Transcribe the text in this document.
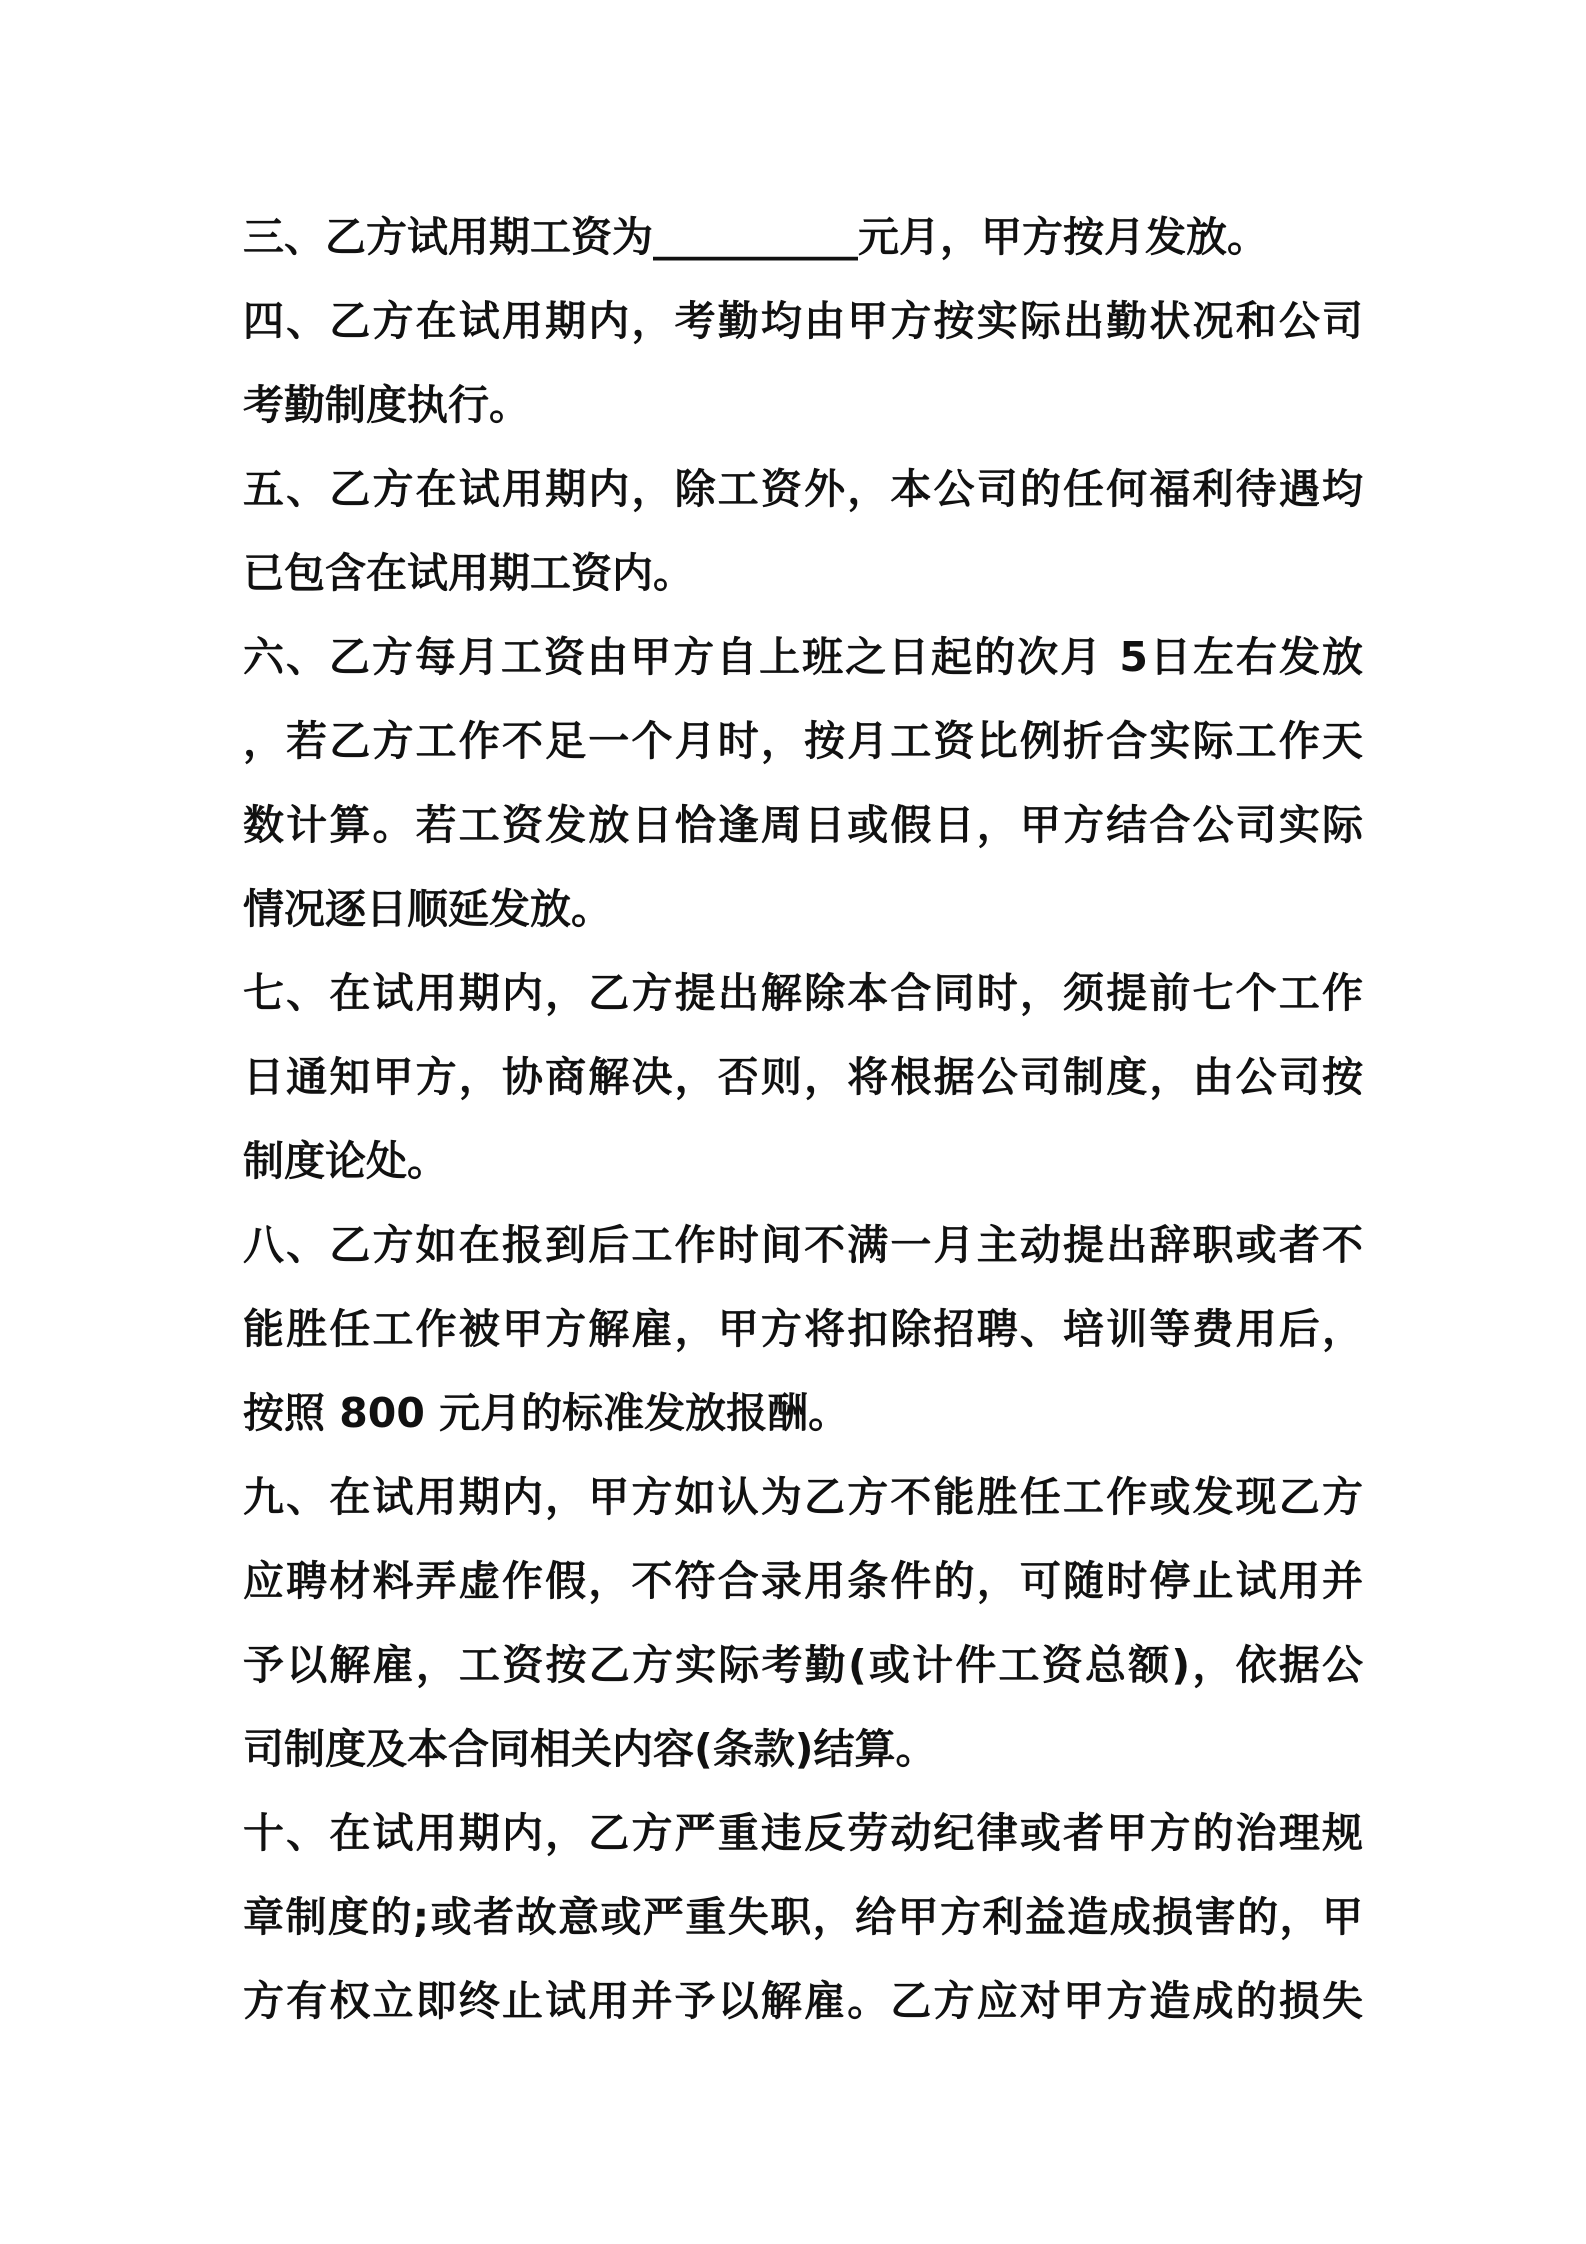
三、乙方试用期工资为__________元月，甲方按月发放。
四、乙方在试用期内，考勤均由甲方按实际出勤状况和公司
考勤制度执行。
五、乙方在试用期内，除工资外，本公司的任何福利待遇均
已包含在试用期工资内。
六、乙方每月工资由甲方自上班之日起的次月 5日左右发放
，若乙方工作不足一个月时，按月工资比例折合实际工作天
数计算。若工资发放日恰逢周日或假日，甲方结合公司实际
情况逐日顺延发放。
七、在试用期内，乙方提出解除本合同时，须提前七个工作
日通知甲方，协商解决，否则，将根据公司制度，由公司按
制度论处。
八、乙方如在报到后工作时间不满一月主动提出辞职或者不
能胜任工作被甲方解雇，甲方将扣除招聘、培训等费用后，
按照 800 元月的标准发放报酬。
九、在试用期内，甲方如认为乙方不能胜任工作或发现乙方
应聘材料弄虚作假，不符合录用条件的，可随时停止试用并
予以解雇，工资按乙方实际考勤(或计件工资总额)，依据公
司制度及本合同相关内容(条款)结算。
十、在试用期内，乙方严重违反劳动纪律或者甲方的治理规
章制度的;或者故意或严重失职，给甲方利益造成损害的，甲
方有权立即终止试用并予以解雇。乙方应对甲方造成的损失
